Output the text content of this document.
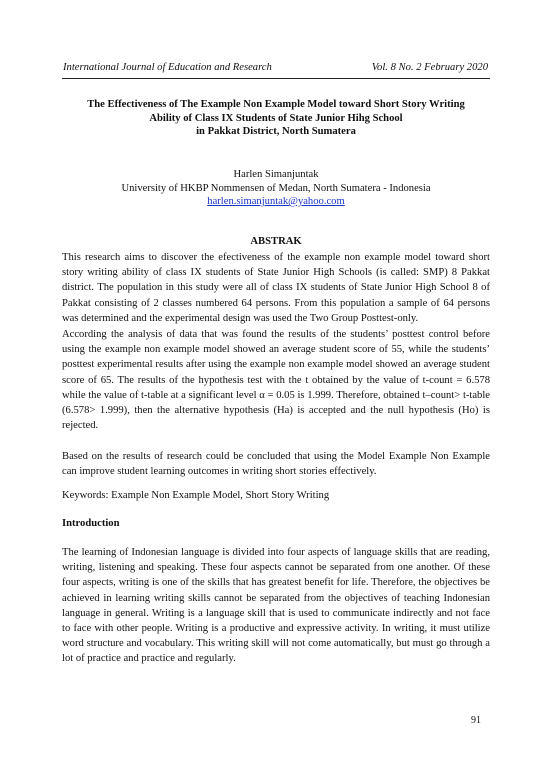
International Journal of Education and Research	Vol. 8 No. 2 February 2020
The Effectiveness of The Example Non Example Model toward Short Story Writing
Ability of Class IX Students of State Junior Hihg School
in Pakkat District, North Sumatera
Harlen Simanjuntak
University of HKBP Nommensen of Medan, North Sumatera - Indonesia
harlen.simanjuntak@yahoo.com
ABSTRAK

This research aims to discover the efectiveness of the example non example model toward short story writing ability of class IX students of State Junior High Schools (is called: SMP) 8 Pakkat district. The population in this study were all of class IX students of State Junior High School 8 of Pakkat consisting of 2 classes numbered 64 persons. From this population a sample of 64 persons was determined and the experimental design was used the Two Group Posttest-only.

According the analysis of data that was found the results of the students’ posttest control before using the example non example model showed an average student score of 55, while the students’ posttest experimental results after using the example non example model showed an average student score of 65. The results of the hypothesis test with the t obtained by the value of t-count = 6.578 while the value of t-table at a significant level α = 0.05 is 1.999. Therefore, obtained t–count> t-table (6.578> 1.999), then the alternative hypothesis (Ha) is accepted and the null hypothesis (Ho) is rejected.

Based on the results of research could be concluded that using the Model Example Non Example can improve student learning outcomes in writing short stories effectively.

Keywords: Example Non Example Model, Short Story Writing

Introduction

The learning of Indonesian language is divided into four aspects of language skills that are reading, writing, listening and speaking. These four aspects cannot be separated from one another. Of these four aspects, writing is one of the skills that has greatest benefit for life. Therefore, the objectives be achieved in learning writing skills cannot be separated from the objectives of teaching Indonesian language in general. Writing is a language skill that is used to communicate indirectly and not face to face with other people. Writing is a productive and expressive activity. In writing, it must utilize word structure and vocabulary. This writing skill will not come automatically, but must go through a lot of practice and practice and regularly.

91
